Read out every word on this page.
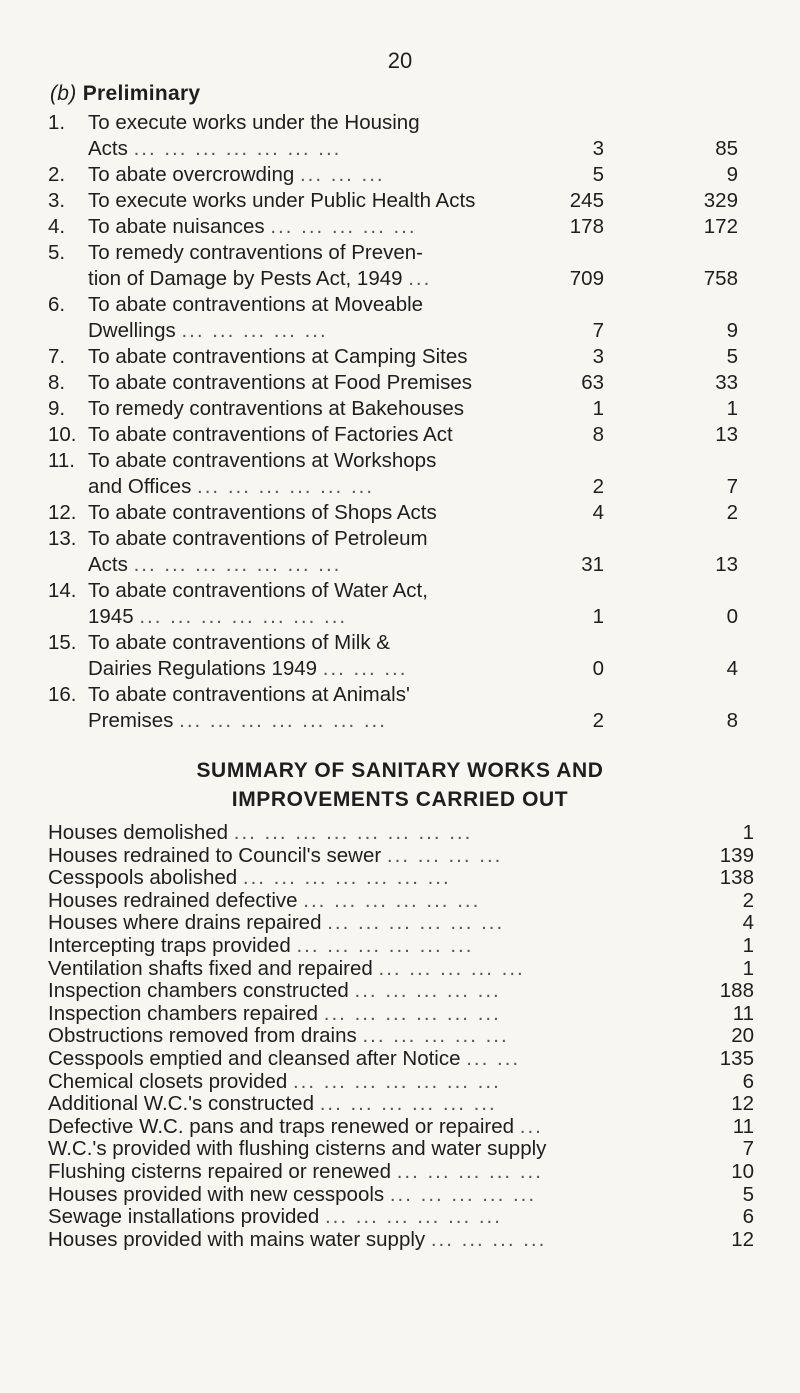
20
(b) Preliminary
1.	To execute works under the Housing
Acts ... ... ... ... ... ... ...	3	85
2.	To abate overcrowding ... ... ...	5	9
3.	To execute works under Public Health Acts	245	329
4.	To abate nuisances ... ... ... ... ...	178	172
5.	To remedy contraventions of Preven-
tion of Damage by Pests Act, 1949 ...	709	758
6.	To abate contraventions at Moveable
Dwellings ... ... ... ... ...	7	9
7.	To abate contraventions at Camping Sites	3	5
8.	To abate contraventions at Food Premises	63	33
9.	To remedy contraventions at Bakehouses	1	1
10. To abate contraventions of Factories Act	8	13
11. To abate contraventions at Workshops
and Offices ... ... ... ... ... ...	2	7
12. To abate contraventions of Shops Acts	4	2
13. To abate contraventions of Petroleum
Acts ... ... ... ... ... ... ...	31	13
14. To abate contraventions of Water Act,
1945 ... ... ... ... ... ... ...	1	0
15. To abate contraventions of Milk &
Dairies Regulations 1949 ... ... ...	0	4
16. To abate contraventions at Animals'
Premises ... ... ... ... ... ... ...	2	8
SUMMARY OF SANITARY WORKS AND
IMPROVEMENTS CARRIED OUT
Houses demolished ... ... ... ... ... ... ... ...	1
Houses redrained to Council's sewer ... ... ... ...	139
Cesspools abolished ... ... ... ... ... ... ...	138
Houses redrained defective ... ... ... ... ... ...	2
Houses where drains repaired ... ... ... ... ... ...	4
Intercepting traps provided ... ... ... ... ... ...	1
Ventilation shafts fixed and repaired ... ... ... ... ...	1
Inspection chambers constructed ... ... ... ... ...	188
Inspection chambers repaired ... ... ... ... ... ...	11
Obstructions removed from drains ... ... ... ... ...	20
Cesspools emptied and cleansed after Notice ... ...	135
Chemical closets provided ... ... ... ... ... ... ...	6
Additional W.C.'s constructed ... ... ... ... ... ...	12
Defective W.C. pans and traps renewed or repaired ...	11
W.C.'s provided with flushing cisterns and water supply	7
Flushing cisterns repaired or renewed ... ... ... ... ...	10
Houses provided with new cesspools ... ... ... ... ...	5
Sewage installations provided ... ... ... ... ... ...	6
Houses provided with mains water supply ... ... ... ...	12
